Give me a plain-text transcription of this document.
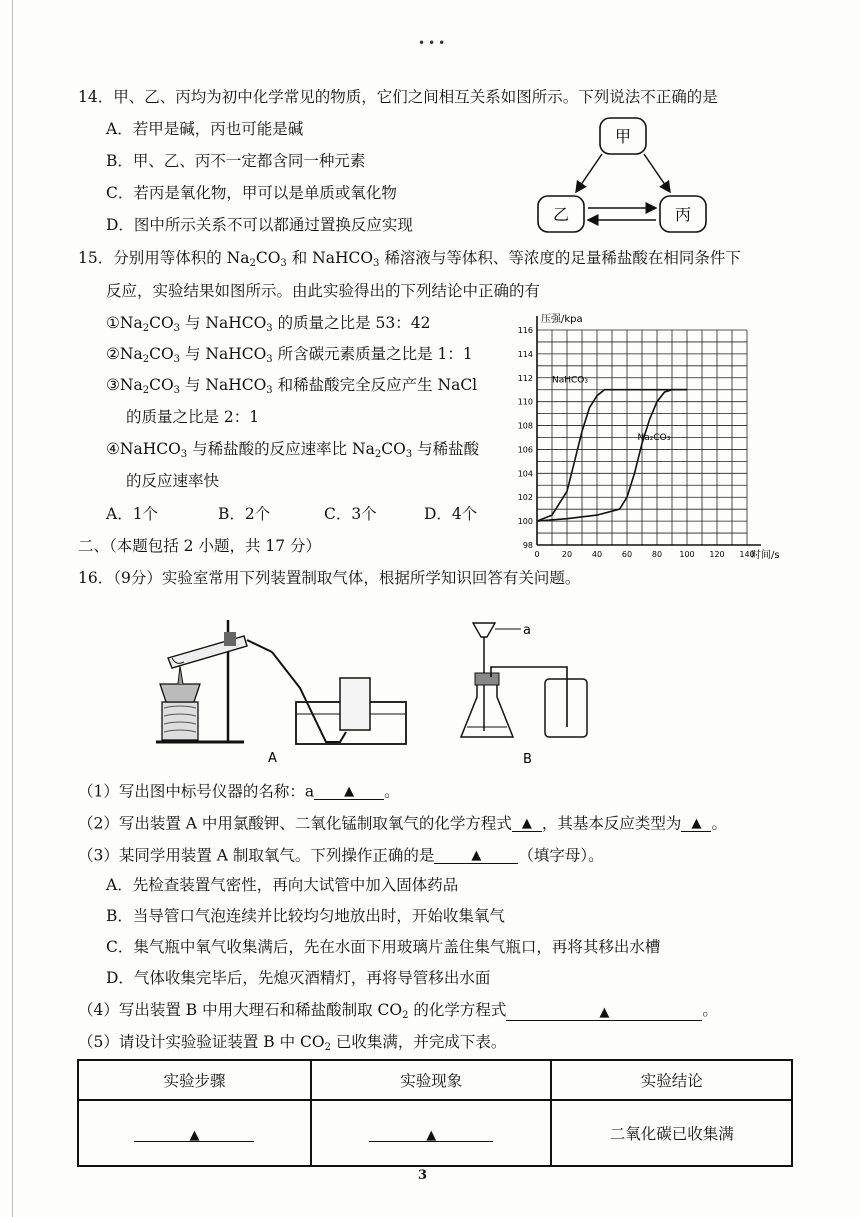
•••
14．甲、乙、丙均为初中化学常见的物质，它们之间相互关系如图所示。下列说法不正确的是
A．若甲是碱，丙也可能是碱
B．甲、乙、丙不一定都含同一种元素
C．若丙是氧化物，甲可以是单质或氧化物
D．图中所示关系不可以都通过置换反应实现
甲
乙	丙
15．分别用等体积的 $Na_2CO_3$ 和 NaHCO$_3$ 稀溶液与等体积、等浓度的足量稀盐酸在相同条件下
反应，实验结果如图所示。由此实验得出的下列结论中正确的有
$①Na_2CO_3$ 与 NaHCO$_3$ 的质量之比是 53：42
$②Na_2CO_3$ 与 NaHCO$_3$ 所含碳元素质量之比是 1：1
$③Na_2CO_3$ 与 NaHCO$_3$ 和稀盐酸完全反应产生 NaCl
的质量之比是 2：1
④NaHCO$_3$ 与稀盐酸的反应速率比 $Na_2CO_3$ 与稀盐酸
的反应速率快
A．1个	B．2个	C．3个	D．4个
0	20 40 60 80 100 120 140
98
100
102
104
106
108
110
112
114
116
压强/kpa
时间/s
NaHCO₃
Na₂CO₃
二、（本题包括 2 小题，共 17 分）
16．（9分）实验室常用下列装置制取气体，根据所学知识回答有关问题。
A
a
B
（1）写出图中标号仪器的名称：a ▲ 。
（2）写出装置 A 中用氯酸钾、二氧化锰制取氧气的化学方程式 ▲ ，其基本反应类型为 ▲ 。
（3）某同学用装置 A 制取氧气。下列操作正确的是	▲ （填字母）。
A．先检查装置气密性，再向大试管中加入固体药品
B．当导管口气泡连续并比较均匀地放出时，开始收集氧气
C．集气瓶中氧气收集满后，先在水面下用玻璃片盖住集气瓶口，再将其移出水槽
D．气体收集完毕后，先熄灭酒精灯，再将导管移出水面
（4）写出装置 B 中用大理石和稀盐酸制取 $CO_2$ 的化学方程式	▲	。
（5）请设计实验验证装置 B 中 $CO_2$ 已收集满，并完成下表。
实验步骤	实验现象	实验结论
▲	▲	二氧化碳已收集满
3
